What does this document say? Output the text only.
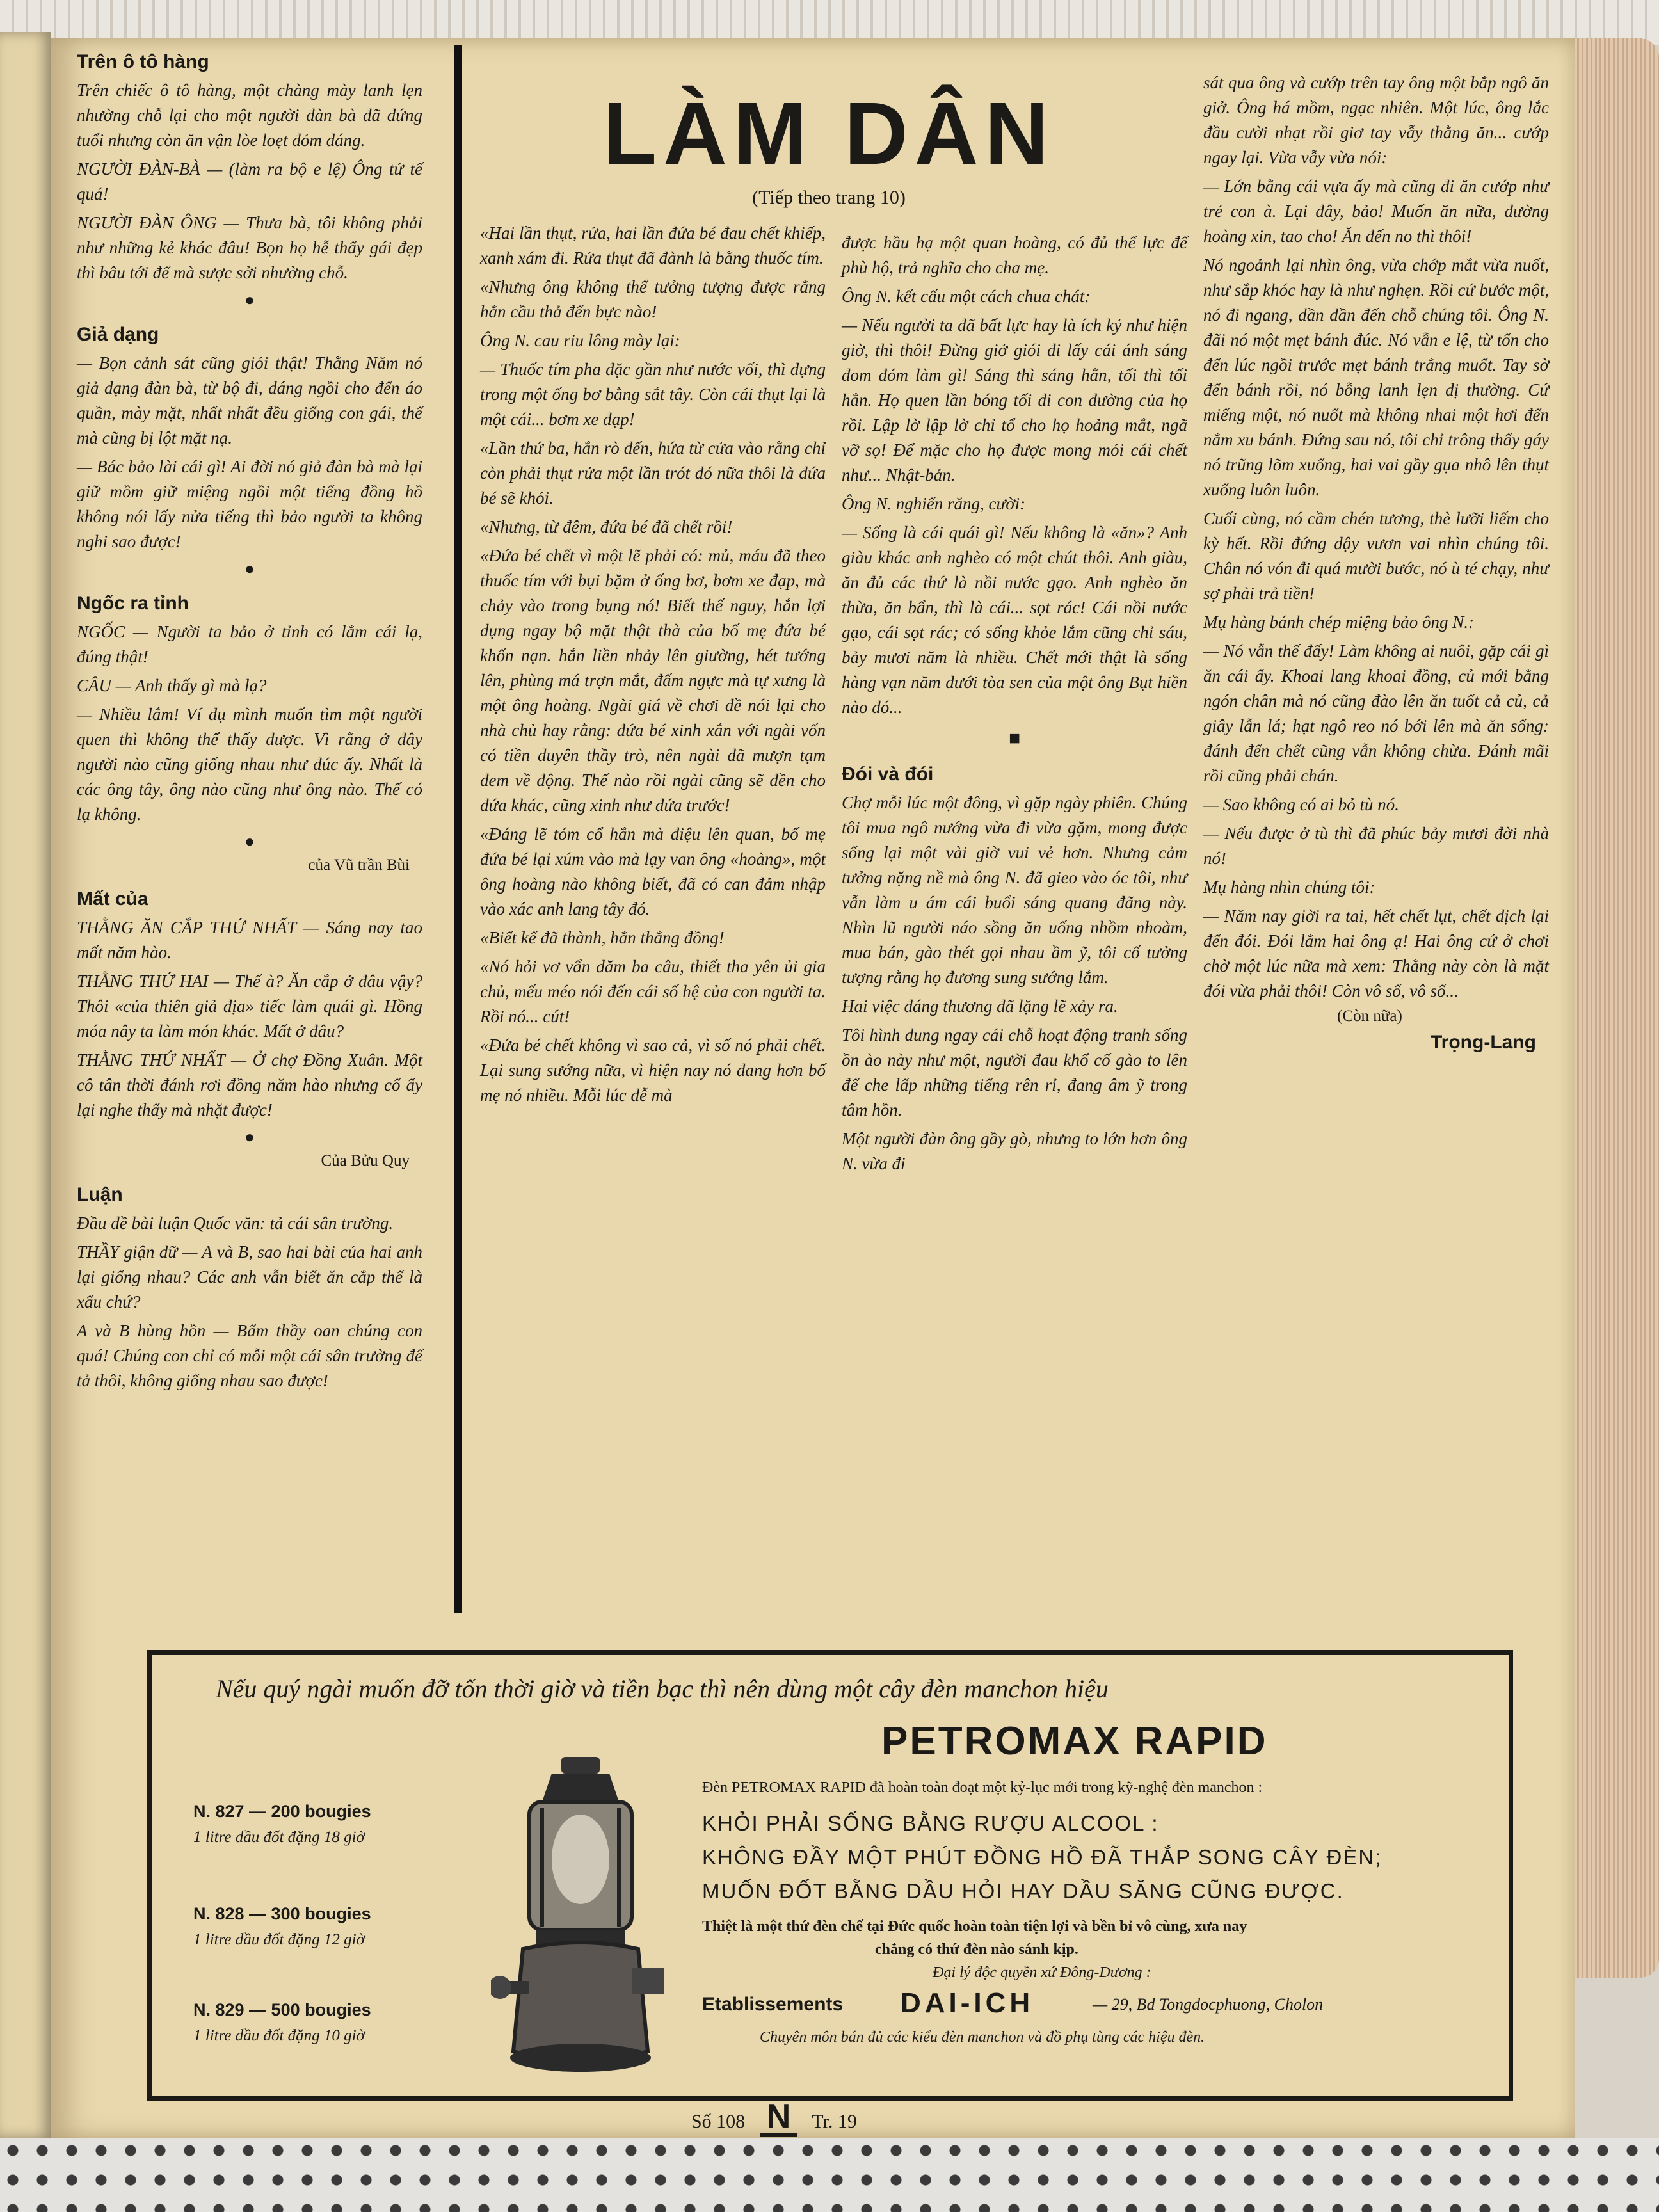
Trên ô tô hàng

Trên chiếc ô tô hàng, một chàng mày lanh lẹn nhường chỗ lại cho một người đàn bà đã đứng tuổi nhưng còn ăn vận lòe loẹt đỏm dáng.

NGƯỜI ĐÀN-BÀ — (làm ra bộ e lệ) Ông tử tế quá!

NGƯỜI ĐÀN ÔNG — Thưa bà, tôi không phải như những kẻ khác đâu! Bọn họ hễ thấy gái đẹp thì bâu tới để mà sược sởi nhường chỗ.

●
Giả dạng

— Bọn cảnh sát cũng giỏi thật! Thằng Năm nó giả dạng đàn bà, từ bộ đi, dáng ngồi cho đến áo quần, mày mặt, nhất nhất đều giống con gái, thế mà cũng bị lột mặt nạ.

— Bác bảo lài cái gì! Ai đời nó giả đàn bà mà lại giữ mồm giữ miệng ngồi một tiếng đồng hồ không nói lấy nửa tiếng thì bảo người ta không nghi sao được!

●
Ngốc ra tỉnh

NGỐC — Người ta bảo ở tỉnh có lắm cái lạ, đúng thật!

CÂU — Anh thấy gì mà lạ?

— Nhiều lắm! Ví dụ mình muốn tìm một người quen thì không thể thấy được. Vì rằng ở đây người nào cũng giống nhau như đúc ấy. Nhất là các ông tây, ông nào cũng như ông nào. Thế có lạ không.

●
của Vũ trần Bùi
Mất của

THẰNG ĂN CẮP THỨ NHẤT — Sáng nay tao mất năm hào.

THẰNG THỨ HAI — Thế à? Ăn cắp ở đâu vậy? Thôi «của thiên giả địa» tiếc làm quái gì. Hồng móa nây ta làm món khác. Mất ở đâu?

THẰNG THỨ NHẤT — Ở chợ Đồng Xuân. Một cô tân thời đánh rơi đồng năm hào nhưng cố ấy lại nghe thấy mà nhặt được!

●
Của Bửu Quy
Luận

Đầu đề bài luận Quốc văn: tả cái sân trường.

THẦY giận dữ — A và B, sao hai bài của hai anh lại giống nhau? Các anh vẫn biết ăn cắp thế là xấu chứ?

A và B hùng hồn — Bẩm thầy oan chúng con quá! Chúng con chỉ có mỗi một cái sân trường để tả thôi, không giống nhau sao được!

LÀM DÂN
(Tiếp theo trang 10)

«Hai lần thụt, rửa, hai lần đứa bé đau chết khiếp, xanh xám đi. Rửa thụt đã đành là bằng thuốc tím.

«Nhưng ông không thể tưởng tượng được rằng hắn cầu thả đến bực nào!

Ông N. cau riu lông mày lại:

— Thuốc tím pha đặc gần như nước vối, thì dựng trong một ống bơ bằng sắt tây. Còn cái thụt lại là một cái... bơm xe đạp!

«Lần thứ ba, hắn rò đến, hứa từ cửa vào rằng chỉ còn phải thụt rửa một lần trót đó nữa thôi là đứa bé sẽ khỏi.

«Nhưng, từ đêm, đứa bé đã chết rồi!

«Đứa bé chết vì một lẽ phải có: mủ, máu đã theo thuốc tím với bụi bặm ở ống bơ, bơm xe đạp, mà chảy vào trong bụng nó! Biết thế nguy, hắn lợi dụng ngay bộ mặt thật thà của bố mẹ đứa bé khốn nạn. hắn liền nhảy lên giường, hét tướng lên, phùng má trợn mắt, đấm ngực mà tự xưng là một ông hoàng. Ngài giá về chơi đề nói lại cho nhà chủ hay rằng: đứa bé xinh xắn với ngài vốn có tiền duyên thầy trò, nên ngài đã mượn tạm đem về động. Thế nào rồi ngài cũng sẽ đền cho đứa khác, cũng xinh như đứa trước!

«Đáng lẽ tóm cổ hắn mà điệu lên quan, bố mẹ đứa bé lại xúm vào mà lạy van ông «hoàng», một ông hoàng nào không biết, đã có can đảm nhập vào xác anh lang tây đó.

«Biết kế đã thành, hắn thẳng đồng!

«Nó hỏi vơ vẩn dăm ba câu, thiết tha yên ủi gia chủ, mếu méo nói đến cái số hệ của con người ta. Rồi nó... cút!

«Đứa bé chết không vì sao cả, vì số nó phải chết. Lại sung sướng nữa, vì hiện nay nó đang hơn bố mẹ nó nhiều. Mỗi lúc dễ mà

được hầu hạ một quan hoàng, có đủ thế lực để phù hộ, trả nghĩa cho cha mẹ.

Ông N. kết cấu một cách chua chát:

— Nếu người ta đã bất lực hay là ích kỷ như hiện giờ, thì thôi! Đừng giở giói đi lấy cái ánh sáng đom đóm làm gì! Sáng thì sáng hẳn, tối thì tối hẳn. Họ quen lần bóng tối đi con đường của họ rồi. Lập lờ lập lờ chỉ tổ cho họ hoảng mắt, ngã vỡ sọ! Để mặc cho họ được mong mỏi cái chết như... Nhật-bản.

Ông N. nghiến răng, cười:

— Sống là cái quái gì! Nếu không là «ăn»? Anh giàu khác anh nghèo có một chút thôi. Anh giàu, ăn đủ các thứ là nồi nước gạo. Anh nghèo ăn thừa, ăn bẩn, thì là cái... sọt rác! Cái nồi nước gạo, cái sọt rác; có sống khỏe lắm cũng chỉ sáu, bảy mươi năm là nhiều. Chết mới thật là sống hàng vạn năm dưới tòa sen của một ông Bụt hiền nào đó...

■
Đói và đói

Chợ mỗi lúc một đông, vì gặp ngày phiên. Chúng tôi mua ngô nướng vừa đi vừa gặm, mong được sống lại một vài giờ vui vẻ hơn. Nhưng cảm tưởng nặng nề mà ông N. đã gieo vào óc tôi, như vẫn làm u ám cái buổi sáng quang đãng này. Nhìn lũ người náo sồng ăn uống nhồm nhoàm, mua bán, gào thét gọi nhau ầm ỹ, tôi cố tưởng tượng rằng họ đương sung sướng lắm.

Hai việc đáng thương đã lặng lẽ xảy ra.

Tôi hình dung ngay cái chỗ hoạt động tranh sống ồn ào này như một, người đau khổ cố gào to lên để che lấp những tiếng rên rỉ, đang âm ỹ trong tâm hồn.

Một người đàn ông gầy gò, nhưng to lớn hơn ông N. vừa đi

sát qua ông và cướp trên tay ông một bắp ngô ăn giở. Ông há mồm, ngạc nhiên. Một lúc, ông lắc đầu cười nhạt rồi giơ tay vẫy thằng ăn... cướp ngay lại. Vừa vẫy vừa nói:

— Lớn bằng cái vựa ấy mà cũng đi ăn cướp như trẻ con à. Lại đây, bảo! Muốn ăn nữa, đường hoàng xin, tao cho! Ăn đến no thì thôi!

Nó ngoảnh lại nhìn ông, vừa chớp mắt vừa nuốt, như sắp khóc hay là như nghẹn. Rồi cứ bước một, nó đi ngang, dần dần đến chỗ chúng tôi. Ông N. đãi nó một mẹt bánh đúc. Nó vẫn e lệ, từ tốn cho đến lúc ngồi trước mẹt bánh trắng muốt. Tay sờ đến bánh rồi, nó bỗng lanh lẹn dị thường. Cứ miếng một, nó nuốt mà không nhai một hơi đến nắm xu bánh. Đứng sau nó, tôi chỉ trông thấy gáy nó trũng lõm xuống, hai vai gầy gụa nhô lên thụt xuống luôn luôn.

Cuối cùng, nó cầm chén tương, thè lưỡi liếm cho kỳ hết. Rồi đứng dậy vươn vai nhìn chúng tôi. Chân nó vón đi quá mười bước, nó ù té chạy, như sợ phải trả tiền!

Mụ hàng bánh chép miệng bảo ông N.:

— Nó vẫn thế đấy! Làm không ai nuôi, gặp cái gì ăn cái ấy. Khoai lang khoai đồng, củ mới bằng ngón chân mà nó cũng đào lên ăn tuốt cả củ, cả giây lẫn lá; hạt ngô reo nó bới lên mà ăn sống: đánh đến chết cũng vẫn không chừa. Đánh mãi rồi cũng phải chán.

— Sao không có ai bỏ tù nó.

— Nếu được ở tù thì đã phúc bảy mươi đời nhà nó!

Mụ hàng nhìn chúng tôi:

— Năm nay giời ra tai, hết chết lụt, chết dịch lại đến đói. Đói lắm hai ông ạ! Hai ông cứ ở chơi chờ một lúc nữa mà xem: Thằng này còn là mặt đói vừa phải thôi! Còn vô số, vô số...

(Còn nữa)
Trọng-Lang
Nếu quý ngài muốn đỡ tốn thời giờ và tiền bạc thì nên dùng một cây đèn manchon hiệu
PETROMAX RAPID
N. 827 — 200 bougies
1 litre dầu đốt đặng 18 giờ
N. 828 — 300 bougies
1 litre dầu đốt đặng 12 giờ
N. 829 — 500 bougies
1 litre dầu đốt đặng 10 giờ
Đèn PETROMAX RAPID đã hoàn toàn đoạt một kỷ-lục mới trong kỹ-nghệ đèn manchon :
KHỎI PHẢI SỐNG BẰNG RƯỢU ALCOOL :
KHÔNG ĐẦY MỘT PHÚT ĐỒNG HỒ ĐÃ THẮP SONG CÂY ĐÈN;
MUỐN ĐỐT BẰNG DẦU HỎI HAY DẦU SĂNG CŨNG ĐƯỢC.
Thiệt là một thứ đèn chế tại Đức quốc hoàn toàn tiện lợi và bền bỉ vô cùng, xưa nay
chẳng có thứ đèn nào sánh kịp.
Đại lý độc quyền xứ Đông-Dương :
Etablissements DAI-ICH	— 29, Bd Tongdocphuong, Cholon
Chuyên môn bán đủ các kiểu đèn manchon và đồ phụ tùng các hiệu đèn.
Số 108 N Tr. 19
